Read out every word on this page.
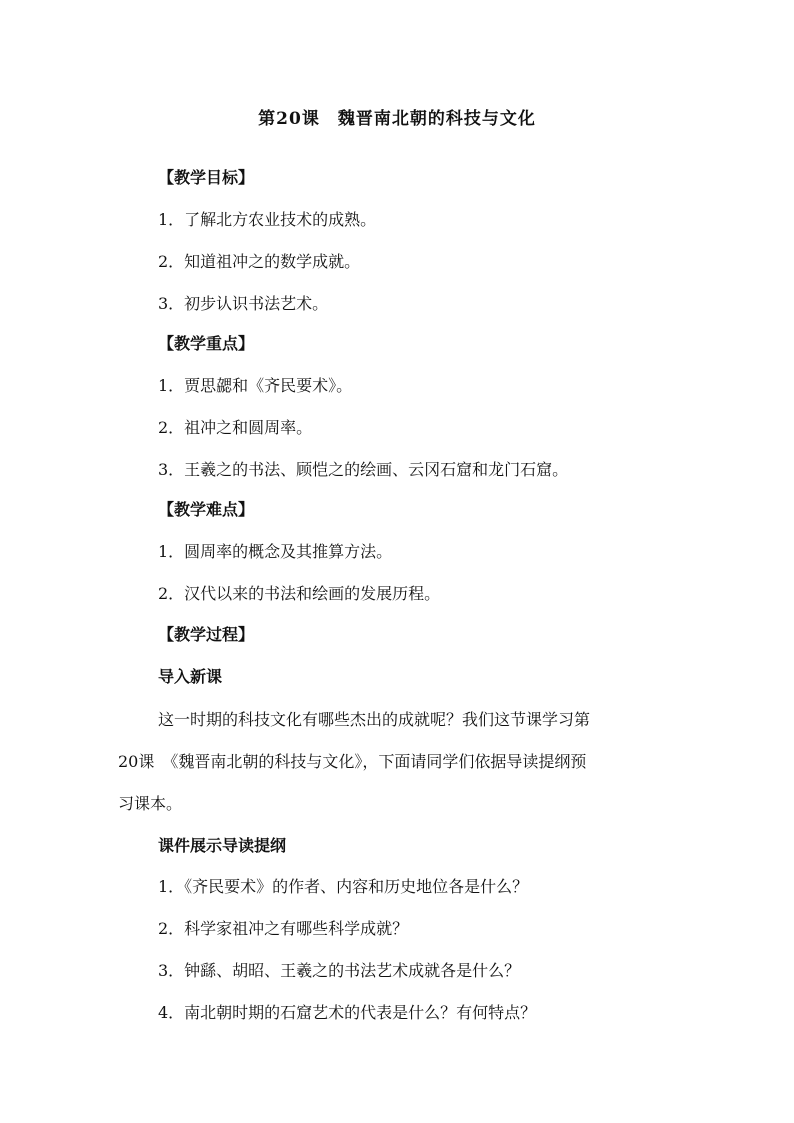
第20课　魏晋南北朝的科技与文化
【教学目标】
1．了解北方农业技术的成熟。
2．知道祖冲之的数学成就。
3．初步认识书法艺术。
【教学重点】
1．贾思勰和《齐民要术》。
2．祖冲之和圆周率。
3．王羲之的书法、顾恺之的绘画、云冈石窟和龙门石窟。
【教学难点】
1．圆周率的概念及其推算方法。
2．汉代以来的书法和绘画的发展历程。
【教学过程】
导入新课
这一时期的科技文化有哪些杰出的成就呢？我们这节课学习第
20课　《魏晋南北朝的科技与文化》，下面请同学们依据导读提纲预
习课本。
课件展示导读提纲
1．《齐民要术》的作者、内容和历史地位各是什么？
2．科学家祖冲之有哪些科学成就？
3．钟繇、胡昭、王羲之的书法艺术成就各是什么？
4．南北朝时期的石窟艺术的代表是什么？有何特点？
